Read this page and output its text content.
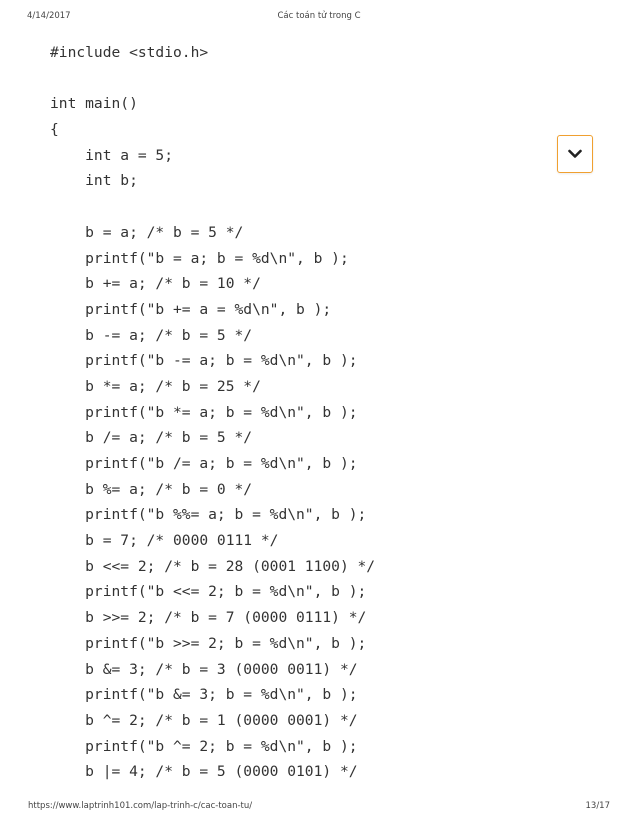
4/14/2017	Các toán tử trong C
#include <stdio.h>
int main()
{
int a = 5;
int b;
b = a; /* b = 5 */
printf("b = a; b = %d\n", b );
b += a; /* b = 10 */
printf("b += a = %d\n", b );
b -= a; /* b = 5 */
printf("b -= a; b = %d\n", b );
b *= a; /* b = 25 */
printf("b *= a; b = %d\n", b );
b /= a; /* b = 5 */
printf("b /= a; b = %d\n", b );
b %= a; /* b = 0 */
printf("b %%= a; b = %d\n", b );
b = 7; /* 0000 0111 */
b <<= 2; /* b = 28 (0001 1100) */
printf("b <<= 2; b = %d\n", b );
b >>= 2; /* b = 7 (0000 0111) */
printf("b >>= 2; b = %d\n", b );
b &= 3; /* b = 3 (0000 0011) */
printf("b &= 3; b = %d\n", b );
b ^= 2; /* b = 1 (0000 0001) */
printf("b ^= 2; b = %d\n", b );
b |= 4; /* b = 5 (0000 0101) */
https://www.laptrinh101.com/lap-trinh-c/cac-toan-tu/	13/17
